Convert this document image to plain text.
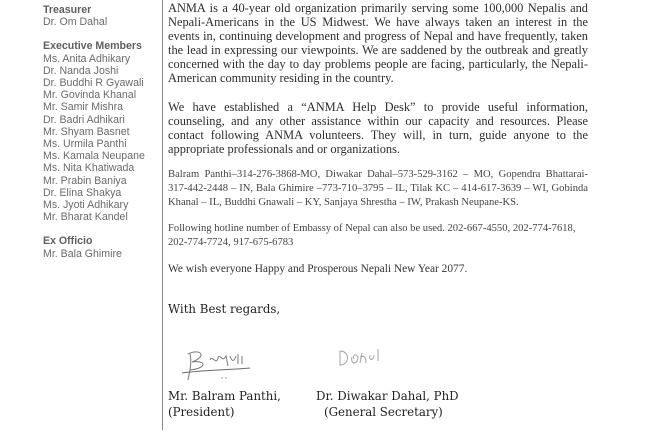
Treasurer
Dr. Om Dahal
Executive Members
Ms. Anita Adhikary
Dr. Nanda Joshi
Dr. Buddhi R Gyawali
Mr. Govinda Khanal
Mr. Samir Mishra
Dr. Badri Adhikari
Mr. Shyam Basnet
Ms. Urmila Panthi
Ms. Kamala Neupane
Ms. Nita Khatiwada
Mr. Prabin Baniya
Dr. Elina Shakya
Ms. Jyoti Adhikary
Mr. Bharat Kandel
Ex Officio
Mr. Bala Ghimire

ANMA is a 40-year old organization primarily serving some 100,000 Nepalis and Nepali-Americans in the US Midwest. We have always taken an interest in the events in, continuing development and progress of Nepal and have frequently, taken the lead in expressing our viewpoints. We are saddened by the outbreak and greatly concerned with the day to day problems people are facing, particularly, the Nepali-American community residing in the country.

We have established a “ANMA Help Desk” to provide useful information, counseling, and any other assistance within our capacity and resources. Please contact following ANMA volunteers. They will, in turn, guide anyone to the appropriate professionals and or organizations.

Balram Panthi–314-276-3868-MO, Diwakar Dahal–573-529-3162 – MO, Gopendra Bhattarai-317-442-2448 – IN, Bala Ghimire –773-710–3795 – IL, Tilak KC – 414-617-3639 – WI, Gobinda Khanal – IL, Buddhi Gnawali – KY, Sanjaya Shrestha – IW, Prakash Neupane-KS.

Following hotline number of Embassy of Nepal can also be used. 202-667-4550, 202-774-7618, 202-774-7724, 917-675-6783

We wish everyone Happy and Prosperous Nepali New Year 2077.

With Best regards,
Mr. Balram Panthi,
(President)
Dr. Diwakar Dahal, PhD
(General Secretary)
